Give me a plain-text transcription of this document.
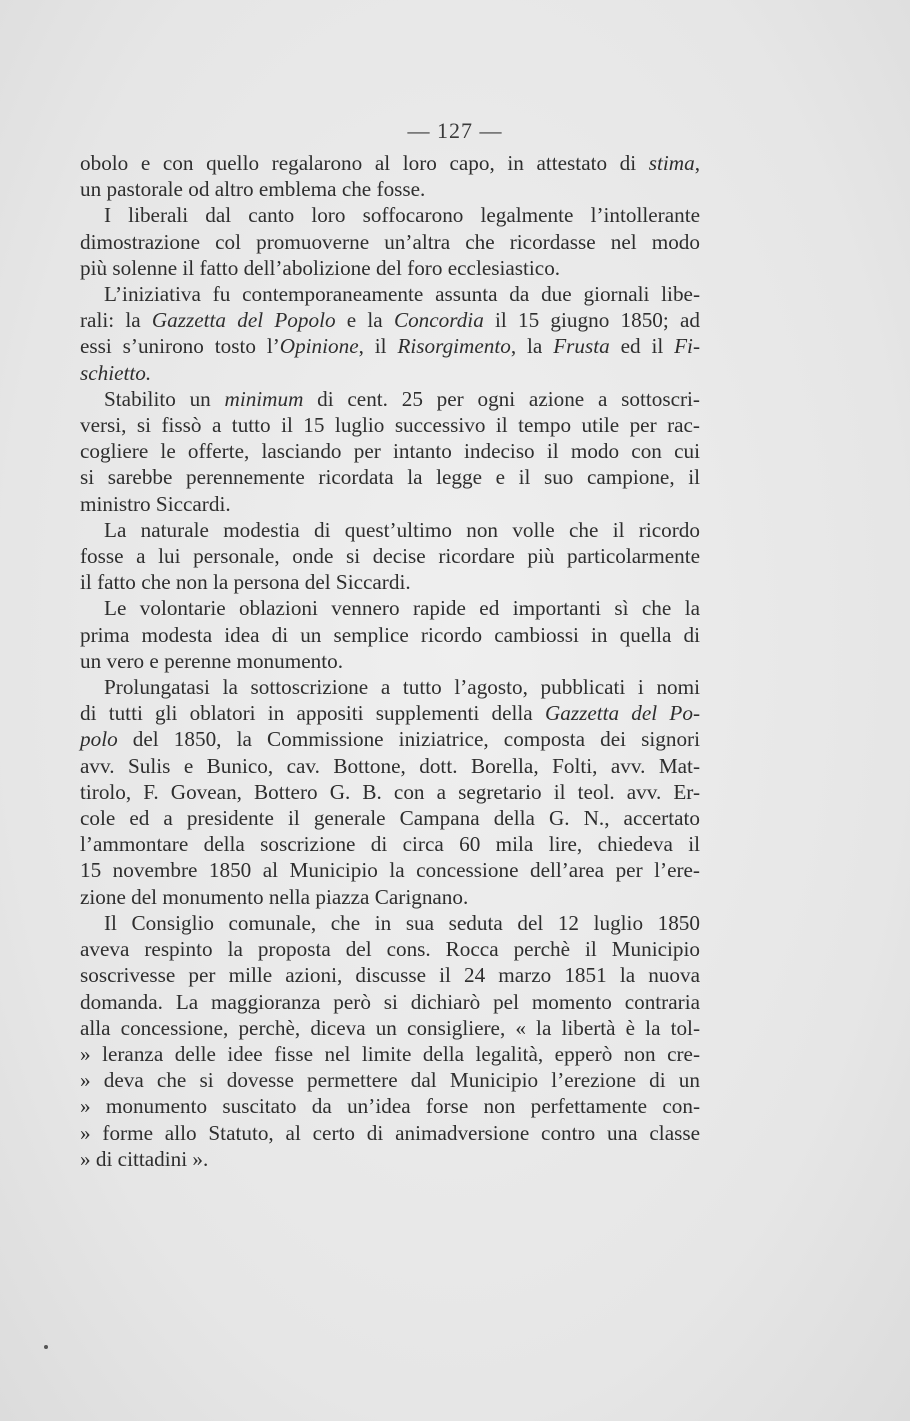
— 127 —
obolo e con quello regalarono al loro capo, in attestato di stima,
un pastorale od altro emblema che fosse.
I liberali dal canto loro soffocarono legalmente l’intollerante
dimostrazione col promuoverne un’altra che ricordasse nel modo
più solenne il fatto dell’abolizione del foro ecclesiastico.
L’iniziativa fu contemporaneamente assunta da due giornali libe-
rali: la Gazzetta del Popolo e la Concordia il 15 giugno 1850; ad
essi s’unirono tosto l’Opinione, il Risorgimento, la Frusta ed il Fi-
schietto.
Stabilito un minimum di cent. 25 per ogni azione a sottoscri-
versi, si fissò a tutto il 15 luglio successivo il tempo utile per rac-
cogliere le offerte, lasciando per intanto indeciso il modo con cui
si sarebbe perennemente ricordata la legge e il suo campione, il
ministro Siccardi.
La naturale modestia di quest’ultimo non volle che il ricordo
fosse a lui personale, onde si decise ricordare più particolarmente
il fatto che non la persona del Siccardi.
Le volontarie oblazioni vennero rapide ed importanti sì che la
prima modesta idea di un semplice ricordo cambiossi in quella di
un vero e perenne monumento.
Prolungatasi la sottoscrizione a tutto l’agosto, pubblicati i nomi
di tutti gli oblatori in appositi supplementi della Gazzetta del Po-
polo del 1850, la Commissione iniziatrice, composta dei signori
avv. Sulis e Bunico, cav. Bottone, dott. Borella, Folti, avv. Mat-
tirolo, F. Govean, Bottero G. B. con a segretario il teol. avv. Er-
cole ed a presidente il generale Campana della G. N., accertato
l’ammontare della soscrizione di circa 60 mila lire, chiedeva il
15 novembre 1850 al Municipio la concessione dell’area per l’ere-
zione del monumento nella piazza Carignano.
Il Consiglio comunale, che in sua seduta del 12 luglio 1850
aveva respinto la proposta del cons. Rocca perchè il Municipio
soscrivesse per mille azioni, discusse il 24 marzo 1851 la nuova
domanda. La maggioranza però si dichiarò pel momento contraria
alla concessione, perchè, diceva un consigliere, « la libertà è la tol-
» leranza delle idee fisse nel limite della legalità, epperò non cre-
» deva che si dovesse permettere dal Municipio l’erezione di un
» monumento suscitato da un’idea forse non perfettamente con-
» forme allo Statuto, al certo di animadversione contro una classe
» di cittadini ».
